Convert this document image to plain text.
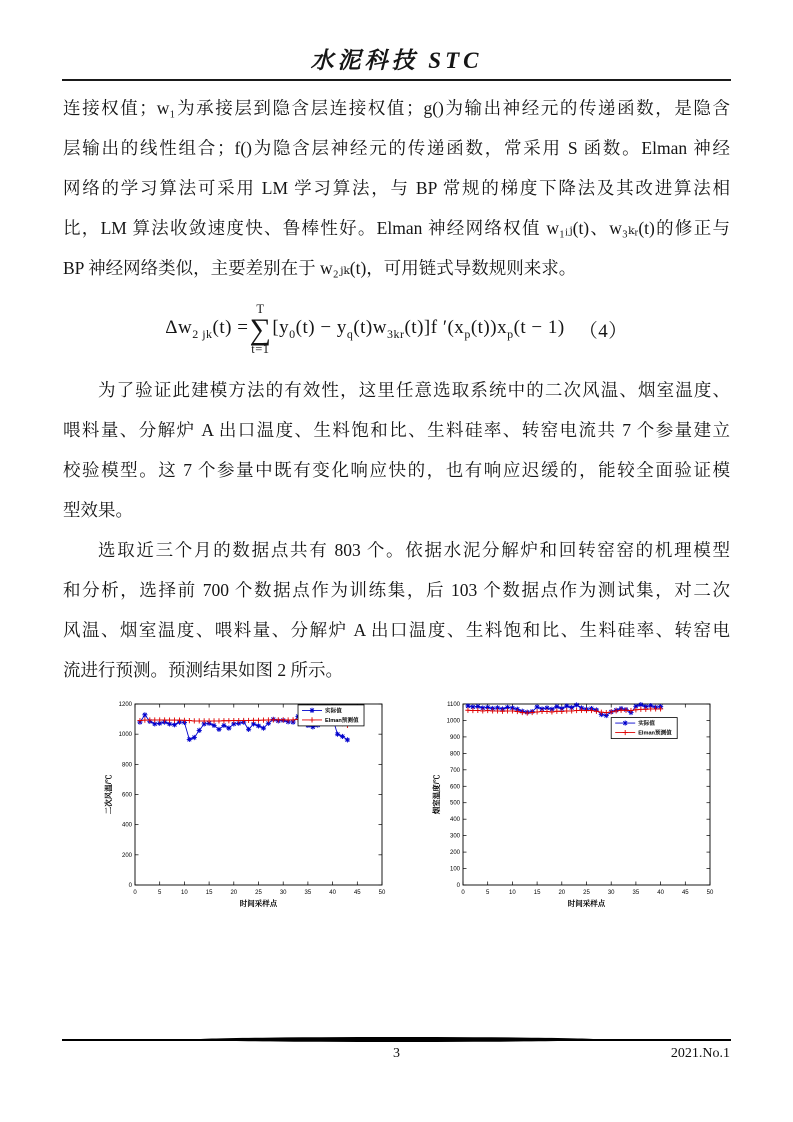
水泥科技 STC
连接权值；w₁为承接层到隐含层连接权值；g()为输出神经元的传递函数，是隐含
层输出的线性组合；f()为隐含层神经元的传递函数，常采用 S 函数。Elman 神经
网络的学习算法可采用 LM 学习算法，与 BP 常规的梯度下降法及其改进算法相
比，LM 算法收敛速度快、鲁棒性好。Elman 神经网络权值 w₁ᵢⱼ(t)、w₃ₖᵣ(t)的修正与
BP 神经网络类似，主要差别在于 w₂ⱼₖ(t)，可用链式导数规则来求。
$\Delta w_{2 jk}(t)$ =
T
∑
t=1
$[y_0(t) - y_q(t)w_{3kr}(t)]f$ $'(x_p(t))x_p(t - 1)$ （4）
为了验证此建模方法的有效性，这里任意选取系统中的二次风温、烟室温度、
喂料量、分解炉 A 出口温度、生料饱和比、生料硅率、转窑电流共 7 个参量建立
校验模型。这 7 个参量中既有变化响应快的，也有响应迟缓的，能较全面验证模
型效果。
选取近三个月的数据点共有 803 个。依据水泥分解炉和回转窑窑的机理模型
和分析，选择前 700 个数据点作为训练集，后 103 个数据点作为测试集，对二次
风温、烟室温度、喂料量、分解炉 A 出口温度、生料饱和比、生料硅率、转窑电
流进行预测。预测结果如图 2 所示。
0	5	10	15	20	25	30	35	40	45	50
0
200
400
600
800
1000
1200
时间采样点
二次风温/℃
实际值
Elman预测值
0	5	10	15	20	25	30	35	40	45	50
0
100
200
300
400
500
600
700
800
900
1000
1100
时间采样点
烟室温度/℃
实际值
Elman预测值
3	2021.No.1
